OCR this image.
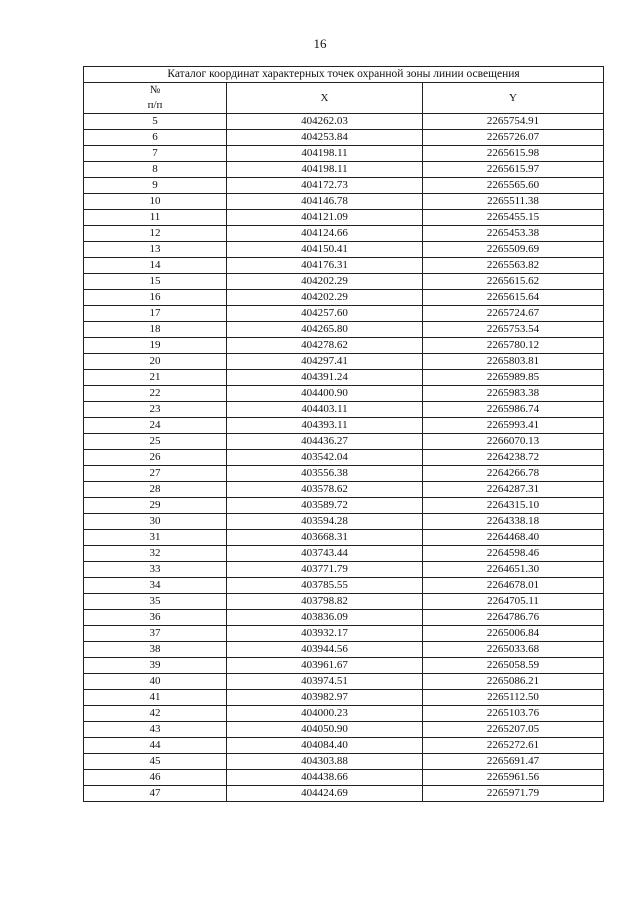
16
Каталог координат характерных точек охранной зоны линии освещения		

№
п/п	X	Y
5	404262.03	2265754.91
6	404253.84	2265726.07
7	404198.11	2265615.98
8	404198.11	2265615.97
9	404172.73	2265565.60
10	404146.78	2265511.38
11	404121.09	2265455.15
12	404124.66	2265453.38
13	404150.41	2265509.69
14	404176.31	2265563.82
15	404202.29	2265615.62
16	404202.29	2265615.64
17	404257.60	2265724.67
18	404265.80	2265753.54
19	404278.62	2265780.12
20	404297.41	2265803.81
21	404391.24	2265989.85
22	404400.90	2265983.38
23	404403.11	2265986.74
24	404393.11	2265993.41
25	404436.27	2266070.13
26	403542.04	2264238.72
27	403556.38	2264266.78
28	403578.62	2264287.31
29	403589.72	2264315.10
30	403594.28	2264338.18
31	403668.31	2264468.40
32	403743.44	2264598.46
33	403771.79	2264651.30
34	403785.55	2264678.01
35	403798.82	2264705.11
36	403836.09	2264786.76
37	403932.17	2265006.84
38	403944.56	2265033.68
39	403961.67	2265058.59
40	403974.51	2265086.21
41	403982.97	2265112.50
42	404000.23	2265103.76
43	404050.90	2265207.05
44	404084.40	2265272.61
45	404303.88	2265691.47
46	404438.66	2265961.56
47	404424.69	2265971.79
